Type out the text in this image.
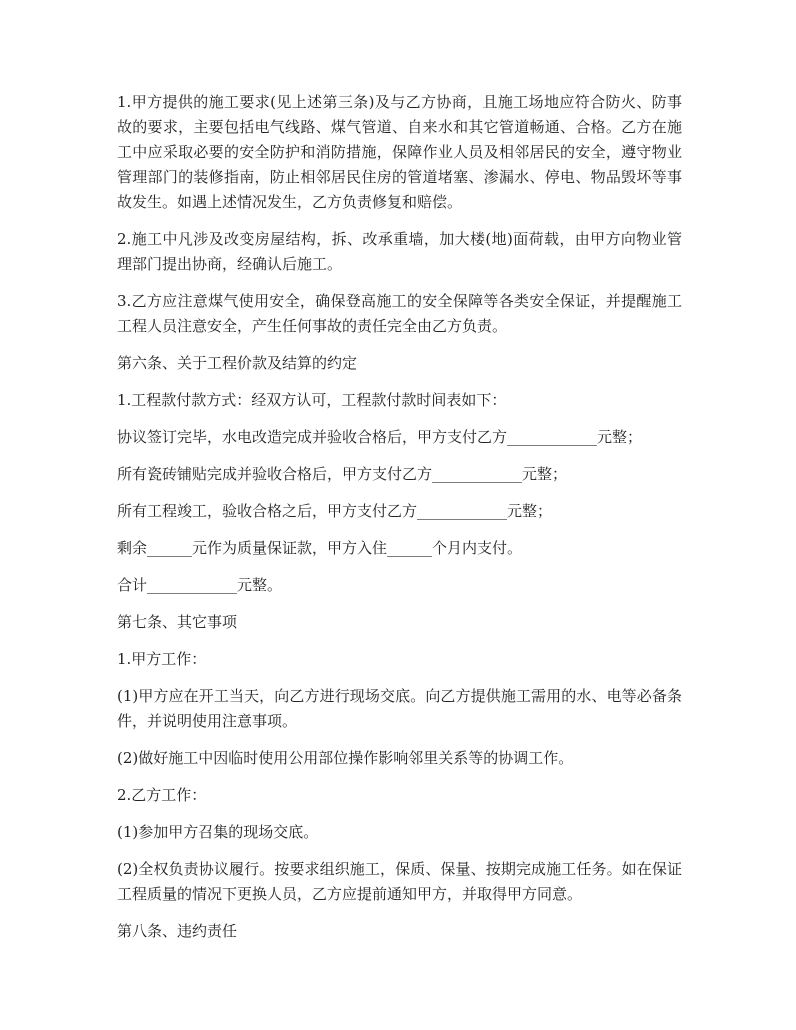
1.甲方提供的施工要求(见上述第三条)及与乙方协商，且施工场地应符合防火、防事故的要求，主要包括电气线路、煤气管道、自来水和其它管道畅通、合格。乙方在施工中应采取必要的安全防护和消防措施，保障作业人员及相邻居民的安全，遵守物业管理部门的装修指南，防止相邻居民住房的管道堵塞、渗漏水、停电、物品毁坏等事故发生。如遇上述情况发生，乙方负责修复和赔偿。

2.施工中凡涉及改变房屋结构，拆、改承重墙，加大楼(地)面荷载，由甲方向物业管理部门提出协商，经确认后施工。

3.乙方应注意煤气使用安全，确保登高施工的安全保障等各类安全保证，并提醒施工工程人员注意安全，产生任何事故的责任完全由乙方负责。

第六条、关于工程价款及结算的约定

1.工程款付款方式：经双方认可，工程款付款时间表如下：

协议签订完毕，水电改造完成并验收合格后，甲方支付乙方____________元整；

所有瓷砖铺贴完成并验收合格后，甲方支付乙方____________元整；

所有工程竣工，验收合格之后，甲方支付乙方____________元整；

剩余______元作为质量保证款，甲方入住______个月内支付。

合计____________元整。

第七条、其它事项

1.甲方工作：

(1)甲方应在开工当天，向乙方进行现场交底。向乙方提供施工需用的水、电等必备条件，并说明使用注意事项。

(2)做好施工中因临时使用公用部位操作影响邻里关系等的协调工作。

2.乙方工作：

(1)参加甲方召集的现场交底。

(2)全权负责协议履行。按要求组织施工，保质、保量、按期完成施工任务。如在保证工程质量的情况下更换人员，乙方应提前通知甲方，并取得甲方同意。

第八条、违约责任
